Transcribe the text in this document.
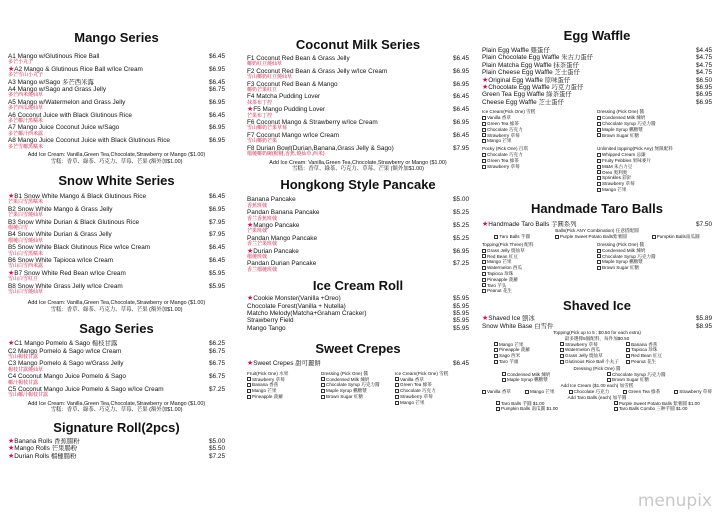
Mango Series
A1 Mango w/Glutinous Rice Ball	$6.45
多芒小丸子
★A2 Mango & Glutinous Rice Ball w/Ice Cream	$6.95
多芒雪山小丸子
A3 Mango w/Sago 多芒西米露	$6.45
A4 Mango w/Sago and Grass Jelly	$6.75
多芒西米燒仙草
A5 Mango w/Watermelon and Grass Jelly	$6.95
多芒西瓜燒仙草
A6 Coconut Juice with Black Glutinous Rice	$6.45
多芒椰汁黑糯米
A7 Mango Juice Coconut Juice w/Sago	$6.95
多芒椰汁西米露
A8 Mango Juice Coconut Juice with Black Glutinous Rice	$6.95
多芒雪椰黑糯米
Add Ice Cream: Vanilla,Green Tea,Chocolate,Strawberry or Mango ($1.00)
雪糕：香草、綠茶、巧克力、草莓、芒果 (額外加$1.00)
Snow White Series
★B1 Snow White Mango & Black Glutinous Rice	$6.45
芒果白雪黑糯米
B2 Snow White Mango & Grass Jelly	$6.95
芒果白雪燒仙草
B3 Snow White Durian & Black Glutinous Rice	$7.95
榴槤白雪
B4 Snow White Durian & Grass Jelly	$7.95
榴槤白雪燒仙草
B5 Snow White Black Glutinous Rice w/Ice Cream	$6.45
雪山白雪黑糯米
B6 Snow White Tapioca w/Ice Cream	$6.45
雪山白雪西米露
★B7 Snow White Red Bean w/Ice Cream	$5.95
雪山白雪紅豆
B8 Snow White Grass Jelly w/Ice Cream	$5.95
雪山白雪燒仙草
Add Ice Cream: Vanilla,Green Tea,Chocolate,Strawberry or Mango ($1.00)
雪糕：香草、綠茶、巧克力、草莓、芒果 (額外加$1.00)
Sago Series
★C1 Mango Pomelo & Sago 楊枝甘露	$6.25
C2 Mango Pomelo & Sago w/Ice Cream	$6.75
雪山楊枝甘露
C3 Mango Pomelo & Sago w/Grass Jelly	$6.75
楊枝甘露燒仙草
C4 Coconut Mango Juice Pomelo & Sago	$6.75
椰汁楊枝甘露
C5 Coconut Mango Juice Pomelo & Sago w/Ice Cream	$7.25
雪山椰汁楊枝甘露
Add Ice Cream: Vanilla,Green Tea,Chocolate,Strawberry or Mango ($1.00)
雪糕：香草、綠茶、巧克力、草莓、芒果 (額外加$1.00)
Signature Roll(2pcs)
★Banana Rolls 香蕉腸粉	$5.00
★Mango Rolls 芒果腸粉	$5.50
★Durian Rolls 榴槤腸粉	$7.25
Coconut Milk Series
F1 Coconut Red Bean & Grass Jelly	$6.45
椰奶紅豆燒仙草
F2 Coconut Red Bean & Grass Jelly w/Ice Cream	$6.95
雪山椰奶紅豆燒仙草
F3 Coconut Red Bean & Mango	$6.95
椰奶芒果紅豆
F4 Matcha Pudding Lover	$6.45
抹茶布丁控
★F5 Mango Pudding Lover	$6.45
芒果布丁控
F6 Coconut Mango & Strawberry w/Ice Cream	$6.95
雪山椰奶芒果草莓
F7 Coconut Mango w/Ice Cream	$6.45
雪山椰奶芒果
F8 Durian Bowl(Durian,Banana,Grass Jelly & Sago)	$7.95
榴槤椰奶碗(榴槤,香蕉,燒仙草,西米)
Add Ice Cream: Vanilla,Green Tea,Chocolate,Strawberry or Mango ($1.00)
雪糕：香草、綠茶、巧克力、草莓、芒果 (額外加$1.00)
Hongkong Style Pancake
Banana Pancake	$5.00
香蕉班戟
Pandan Banana Pancake	$5.25
香兰香蕉班戟
★Mango Pancake	$5.25
芒果班戟
Pandan Mango Pancake	$5.25
香兰芒果班戟
★Durian Pancake	$6.95
榴槤班戟
Pandan Durian Pancake	$7.25
香兰榴槤班戟
Ice Cream Roll
★Cookie Monster(Vanilla +Oreo)	$5.95
Chocolate Forest(Vanilla + Nutella)	$5.95
Matcho Melody(Matcha+Graham Cracker)	$5.95
Strawberry Field	$5.95
Mango Tango	$5.95
Sweet Crepes
★Sweet Crepes 甜可麗餅	$6.45
Fruit(Pick One) 水果
Strawberry 草莓
Banana 香蕉
Mango 芒果
Pineapple 菠蘿
Dressing (Pick One) 醬
Condensed Milk 煉奶
Chocolate Syrup 巧克力醬
Maple Syrup 楓糖漿
Brown Sugar 紅糖
Ice Cream(Pick One) 雪糕
Vanilla 香草
Green Tea 綠茶
Chocolate 巧克力
Strawberry 草莓
Mango 芒果
Egg Waffle
Plain Egg Waffle 雞蛋仔	$4.45
Plain Chocolate Egg Waffle 朱古力蛋仔	$4.75
Plain Matcha Egg Waffle 抹茶蛋仔	$4.75
Plain Cheese Egg Waffle 芝士蛋仔	$4.75
★Original Egg Waffle 原味蛋仔	$6.50
★Chocolate Egg Waffle 巧克力蛋仔	$6.95
Green Tea Egg Waffle 綠茶蛋仔	$6.95
Cheese Egg Waffle 芝士蛋仔	$6.95
Ice Cream(Pick One) 雪糕
Vanilla 香草
Green Tea 綠茶
Chocolate 巧克力
Strawberry 草莓
Mango 芒果
Dressing (Pick One) 醬
Condensed Milk 煉奶
Chocolate Syrup 巧克力醬
Maple Syrup 楓糖漿
Brown Sugar 紅糖
Pocky (Pick One) 百琪
Chocolate 巧克力
Green Tea 綠茶
Strawberry 草莓
Unlimited topping(Pick Any) 無限配料
Whipped Cream 忌廉
Fruity Pebbles 果味麥片
M&M 朱古力豆
Oreo 奧利奧
Sprinkles 彩針
Strawberry 草莓
Mango 芒果
Handmade Taro Balls
★Handmade Taro Balls 芋圓系列	$7.50
Balls(Pick ANY Combination) 任意搭配圓
Taro Balls 芋圓	Purple Sweet Potato Balls紫薯圓	Pumpkin Balls南瓜圓
Topping(Pick Three) 配料
Grass Jelly 燒仙草
Red Bean 紅豆
Mango 芒果
Watermelon 西瓜
Tapioca 珍珠
Pineapple 菠蘿
Taro 芋头
Peanut 花生
Dressing (Pick One) 醬
Condensed Milk 煉奶
Chocolate Syrup 巧克力醬
Maple Syrup 楓糖漿
Brown Sugar 紅糖
Shaved Ice
★Shaved Ice 刨冰	$5.89
Snow White Base 白雪件	$8.95
Topping(Pick up to 5 ; $0.50 for each extra)
最多選擇5個配料，每件加$0.50
Mango 芒果	Strawberry 草莓	Banana 香蕉
Pineapple 菠蘿	Watermelon 西瓜	Tapioca 珍珠
Sago 西米	Grass Jelly 燒仙草	Red Bean 紅豆
Taro 芋頭	Glutinous Rice Ball 小丸子	Peanut 花生
Dressing (Pick One) 醬
Condensed Milk 煉奶	Chocolate Syrup 巧克力醬
Maple Syrup 楓糖漿	Brown Sugar 紅糖
Add Ice Cream ($1.00 each) 加雪糕
Vanilla 香草	Mango 芒果	Chocolate 巧克力	Green Tea 綠茶	Strawberry 草莓
Add Taro Balls (each) 加芋圓
Taro Balls 芋圓 $1.00	Purple Sweet Potato Balls 紫薯圓 $1.00
Pumpkin Balls 南瓜圓 $1.00	Taro Balls Combo 三种芋圓 $1.00
menupix
